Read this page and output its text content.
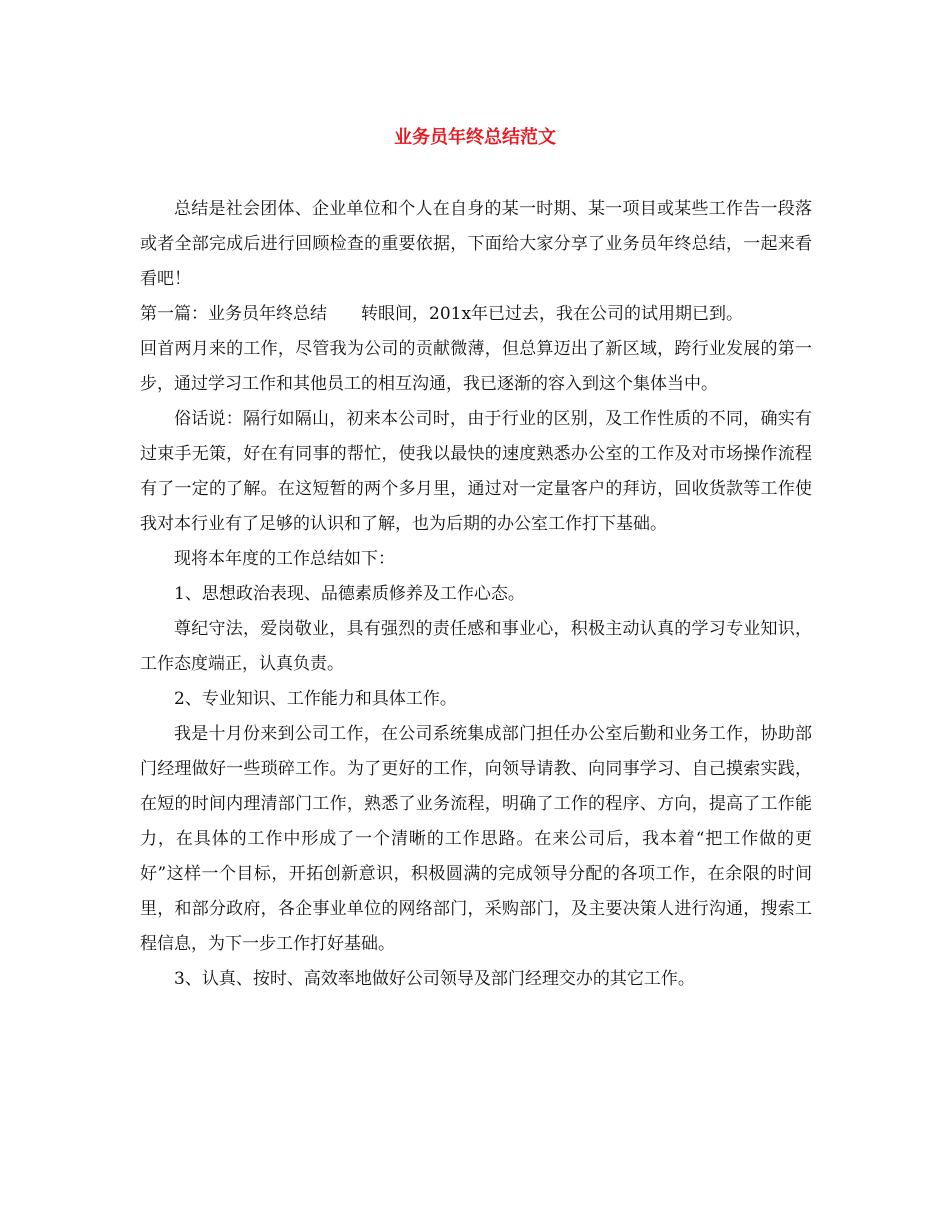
业务员年终总结范文

总结是社会团体、企业单位和个人在自身的某一时期、某一项目或某些工作告一段落或者全部完成后进行回顾检查的重要依据，下面给大家分享了业务员年终总结，一起来看看吧！

第一篇：业务员年终总结 转眼间，201x年已过去，我在公司的试用期已到。

回首两月来的工作，尽管我为公司的贡献微薄，但总算迈出了新区域，跨行业发展的第一步，通过学习工作和其他员工的相互沟通，我已逐渐的容入到这个集体当中。

俗话说：隔行如隔山，初来本公司时，由于行业的区别，及工作性质的不同，确实有过束手无策，好在有同事的帮忙，使我以最快的速度熟悉办公室的工作及对市场操作流程有了一定的了解。在这短暂的两个多月里，通过对一定量客户的拜访，回收货款等工作使我对本行业有了足够的认识和了解，也为后期的办公室工作打下基础。

现将本年度的工作总结如下：

1、思想政治表现、品德素质修养及工作心态。

尊纪守法，爱岗敬业，具有强烈的责任感和事业心，积极主动认真的学习专业知识，工作态度端正，认真负责。

2、专业知识、工作能力和具体工作。

我是十月份来到公司工作，在公司系统集成部门担任办公室后勤和业务工作，协助部门经理做好一些琐碎工作。为了更好的工作，向领导请教、向同事学习、自己摸索实践，在短的时间内理清部门工作，熟悉了业务流程，明确了工作的程序、方向，提高了工作能力，在具体的工作中形成了一个清晰的工作思路。在来公司后，我本着“把工作做的更好”这样一个目标，开拓创新意识，积极圆满的完成领导分配的各项工作，在余限的时间里，和部分政府，各企事业单位的网络部门，采购部门，及主要决策人进行沟通，搜索工程信息，为下一步工作打好基础。

3、认真、按时、高效率地做好公司领导及部门经理交办的其它工作。
